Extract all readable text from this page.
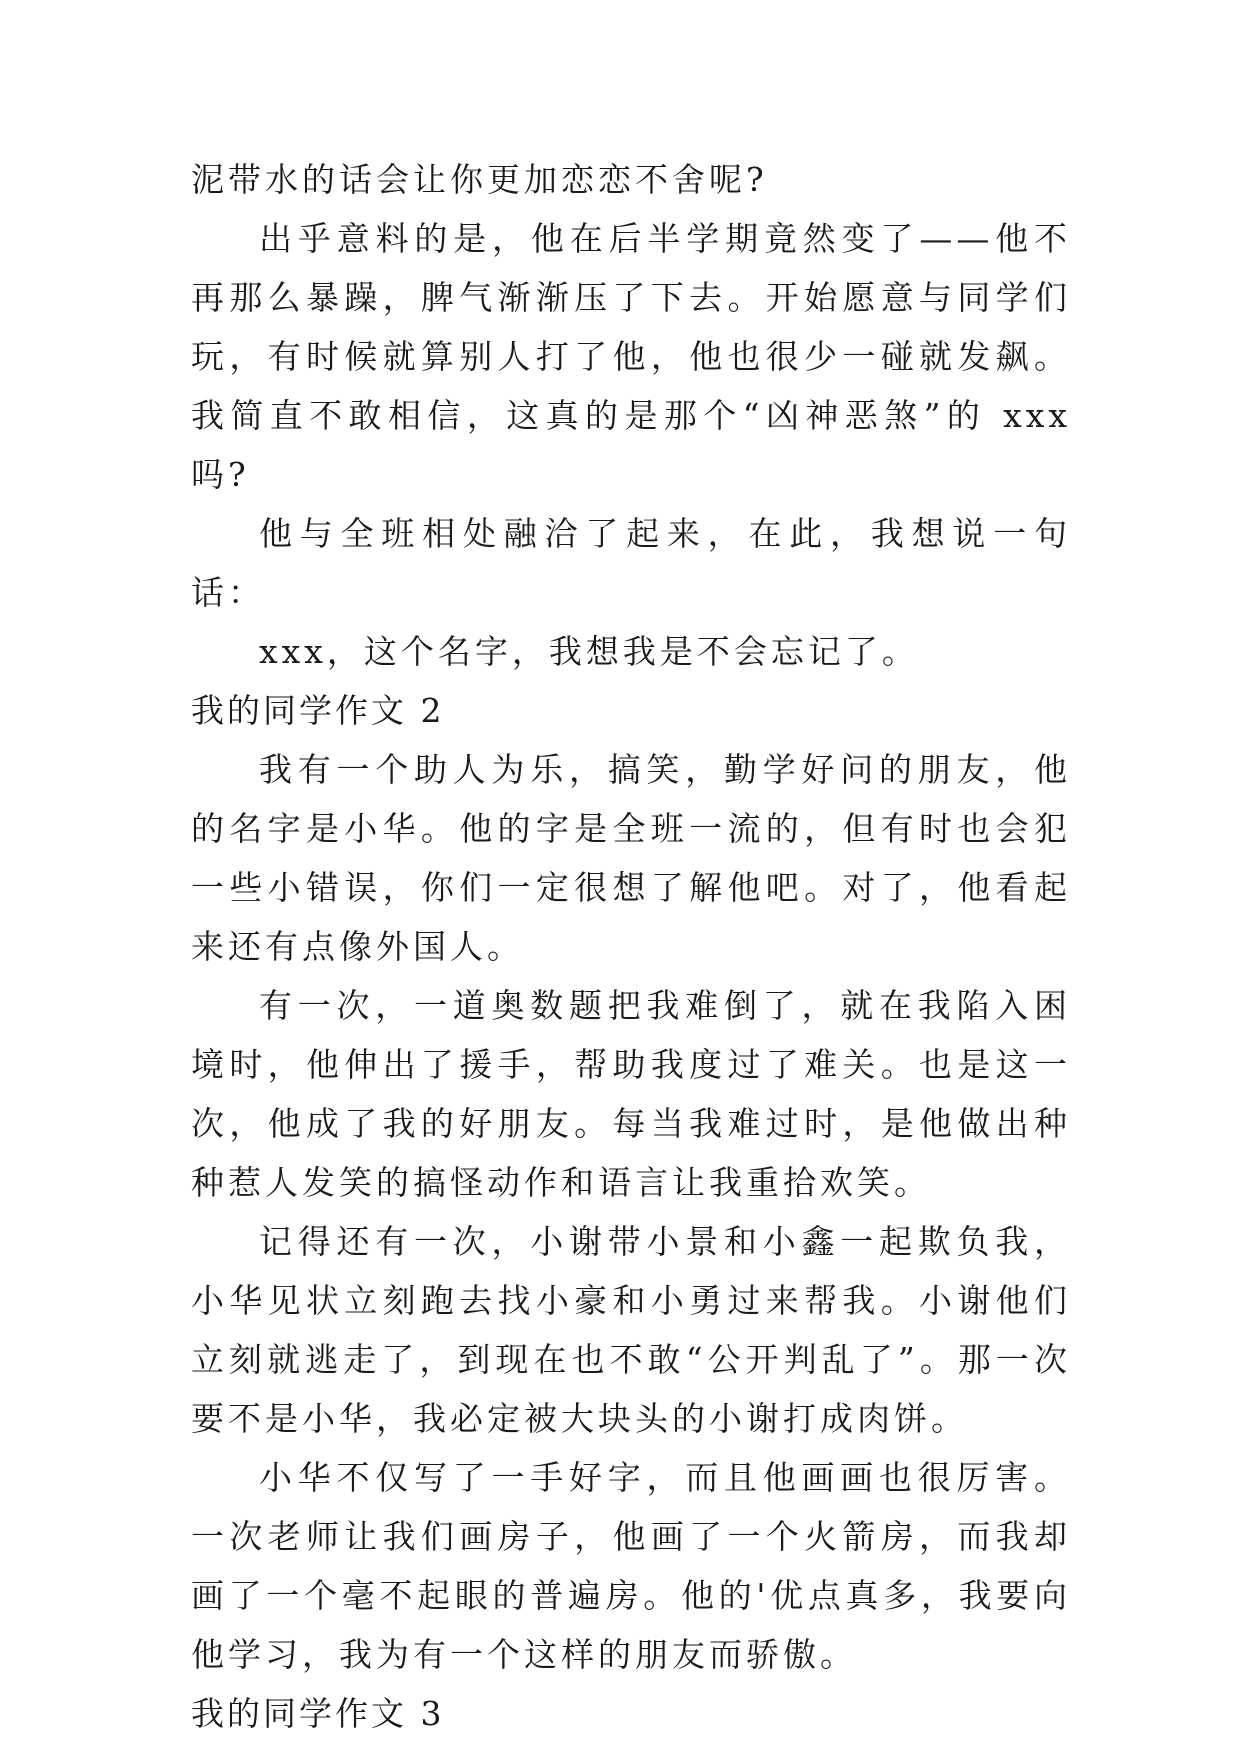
泥带水的话会让你更加恋恋不舍呢?

出乎意料的是，他在后半学期竟然变了——他不再那么暴躁，脾气渐渐压了下去。开始愿意与同学们玩，有时候就算别人打了他，他也很少一碰就发飙。我简直不敢相信，这真的是那个“凶神恶煞”的 xxx 吗?

他与全班相处融洽了起来，在此，我想说一句话：

xxx，这个名字，我想我是不会忘记了。

我的同学作文 2

我有一个助人为乐，搞笑，勤学好问的朋友，他的名字是小华。他的字是全班一流的，但有时也会犯一些小错误，你们一定很想了解他吧。对了，他看起来还有点像外国人。

有一次，一道奥数题把我难倒了，就在我陷入困境时，他伸出了援手，帮助我度过了难关。也是这一次，他成了我的好朋友。每当我难过时，是他做出种种惹人发笑的搞怪动作和语言让我重拾欢笑。

记得还有一次，小谢带小景和小鑫一起欺负我，小华见状立刻跑去找小豪和小勇过来帮我。小谢他们立刻就逃走了，到现在也不敢“公开判乱了”。那一次要不是小华，我必定被大块头的小谢打成肉饼。

小华不仅写了一手好字，而且他画画也很厉害。一次老师让我们画房子，他画了一个火箭房，而我却画了一个毫不起眼的普遍房。他的'优点真多，我要向他学习，我为有一个这样的朋友而骄傲。

我的同学作文 3
